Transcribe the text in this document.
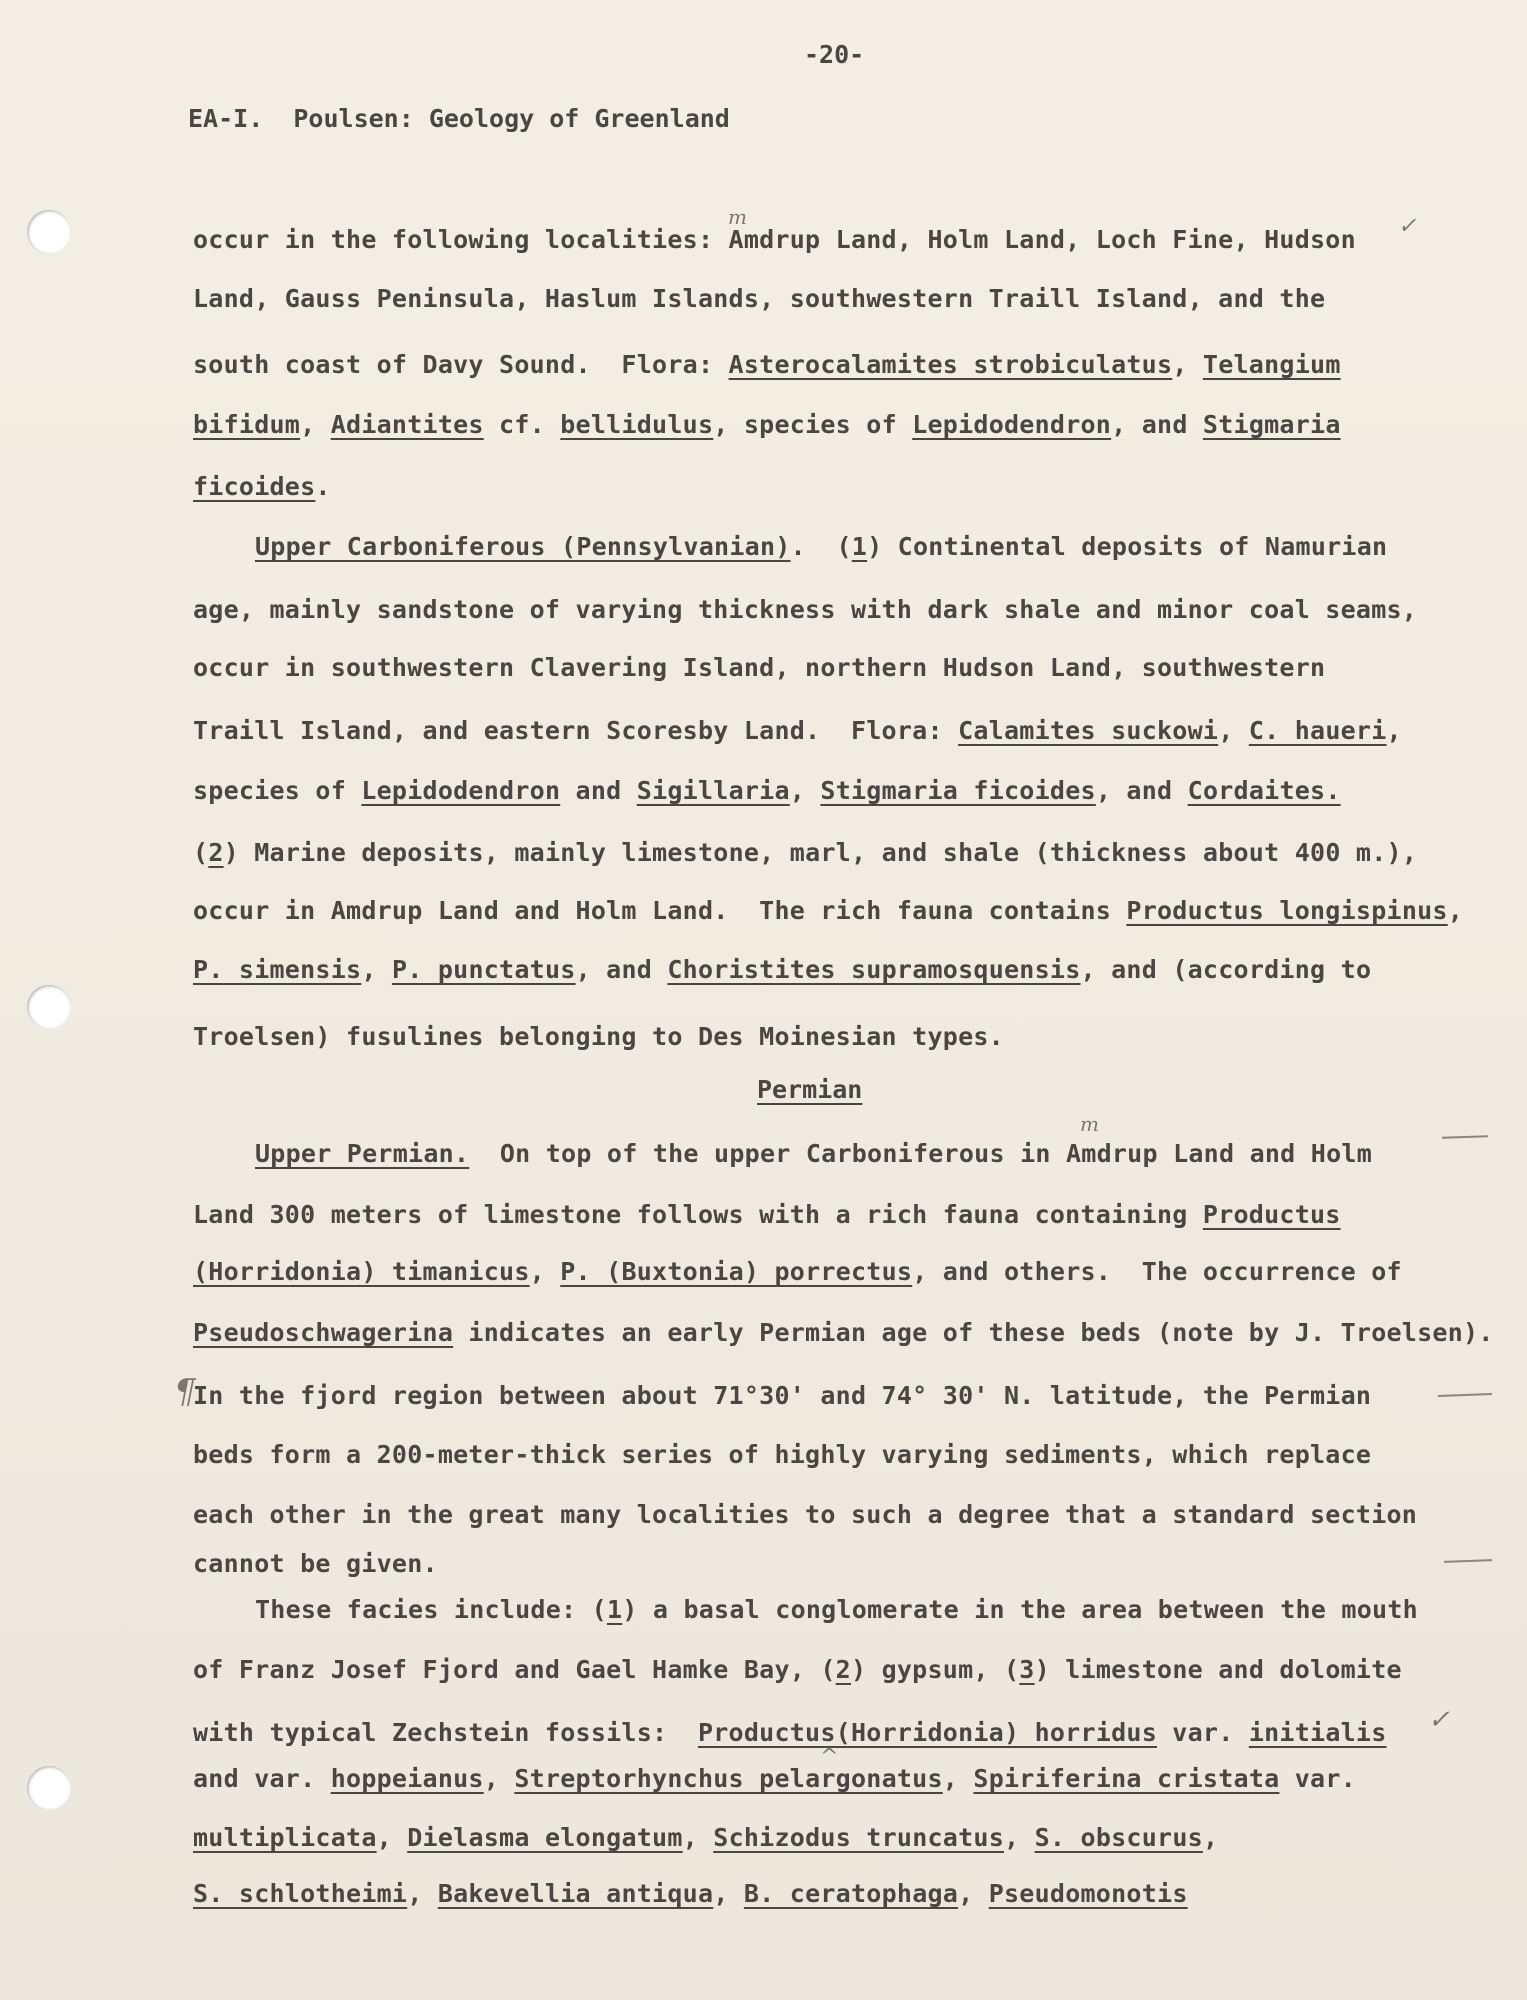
-20-
EA-I.  Poulsen: Geology of Greenland
occur in the following localities: Amdrup Land, Holm Land, Loch Fine, Hudson
Land, Gauss Peninsula, Haslum Islands, southwestern Traill Island, and the
south coast of Davy Sound.  Flora: Asterocalamites strobiculatus, Telangium
bifidum, Adiantites cf. bellidulus, species of Lepidodendron, and Stigmaria
ficoides.
Upper Carboniferous (Pennsylvanian).  (1) Continental deposits of Namurian
age, mainly sandstone of varying thickness with dark shale and minor coal seams,
occur in southwestern Clavering Island, northern Hudson Land, southwestern
Traill Island, and eastern Scoresby Land.  Flora: Calamites suckowi, C. haueri,
species of Lepidodendron and Sigillaria, Stigmaria ficoides, and Cordaites.
(2) Marine deposits, mainly limestone, marl, and shale (thickness about 400 m.),
occur in Amdrup Land and Holm Land.  The rich fauna contains Productus longispinus,
P. simensis, P. punctatus, and Choristites supramosquensis, and (according to
Troelsen) fusulines belonging to Des Moinesian types.
Permian
Upper Permian.  On top of the upper Carboniferous in Amdrup Land and Holm
Land 300 meters of limestone follows with a rich fauna containing Productus
(Horridonia) timanicus, P. (Buxtonia) porrectus, and others.  The occurrence of
Pseudoschwagerina indicates an early Permian age of these beds (note by J. Troelsen).
In the fjord region between about 71°30' and 74° 30' N. latitude, the Permian
beds form a 200-meter-thick series of highly varying sediments, which replace
each other in the great many localities to such a degree that a standard section
cannot be given.
These facies include: (1) a basal conglomerate in the area between the mouth
of Franz Josef Fjord and Gael Hamke Bay, (2) gypsum, (3) limestone and dolomite
with typical Zechstein fossils:  Productus(Horridonia) horridus var. initialis
and var. hoppeianus, Streptorhynchus pelargonatus, Spiriferina cristata var.
multiplicata, Dielasma elongatum, Schizodus truncatus, S. obscurus,
S. schlotheimi, Bakevellia antiqua, B. ceratophaga, Pseudomonotis
m
m
✓
✓
¶
^
